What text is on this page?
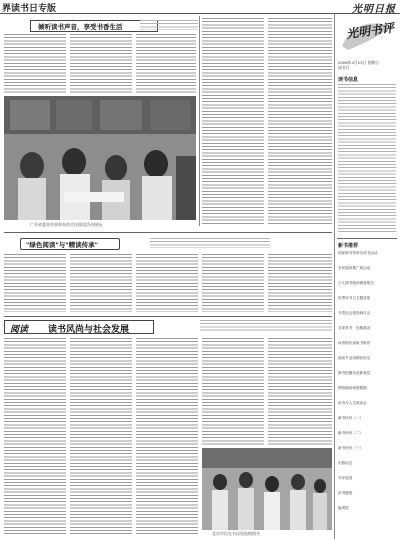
界读书日专版	光明日报
倾听读书声音，享受书香生活
广东省委宣传部举办的全民阅读活动现场
"绿色阅读"与"精读传承"
阅读 读书风尚与社会发展
北京市民在书店里选购图书
光明书评
2006年4月23日 星期日
读书日
读书信息
新书推荐
国家图书馆举办读书活动
全民阅读推广周启动
少儿图书阅读调查报告
世界读书日主题讲座
书香社会建设研讨会
名家荐书：经典重读
读者俱乐部新书推荐
阅读节活动精彩纷呈
图书馆服务延伸基层
网络阅读调查数据
读书与人生座谈会
新书快讯（一）
新书快讯（二）
新书快讯（三）
出版动态
书评选登
读书随笔
编者按
